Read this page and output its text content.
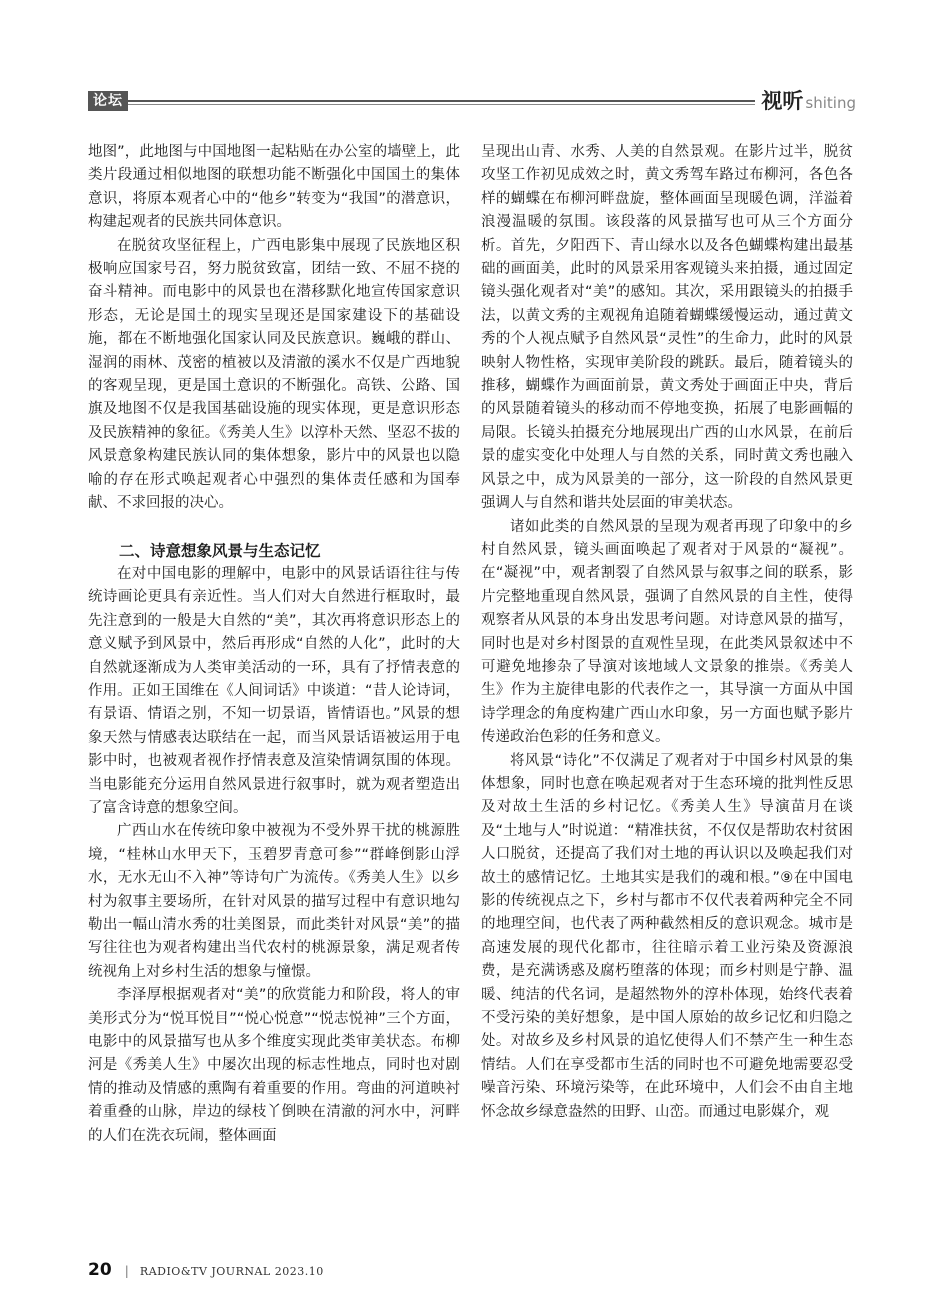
论坛	视听 shiting

地图”，此地图与中国地图一起粘贴在办公室的墙壁上，此类片段通过相似地图的联想功能不断强化中国国土的集体意识，将原本观者心中的“他乡”转变为“我国”的潜意识，构建起观者的民族共同体意识。

在脱贫攻坚征程上，广西电影集中展现了民族地区积极响应国家号召，努力脱贫致富，团结一致、不屈不挠的奋斗精神。而电影中的风景也在潜移默化地宣传国家意识形态，无论是国土的现实呈现还是国家建设下的基础设施，都在不断地强化国家认同及民族意识。巍峨的群山、湿润的雨林、茂密的植被以及清澈的溪水不仅是广西地貌的客观呈现，更是国土意识的不断强化。高铁、公路、国旗及地图不仅是我国基础设施的现实体现，更是意识形态及民族精神的象征。《秀美人生》以淳朴天然、坚忍不拔的风景意象构建民族认同的集体想象，影片中的风景也以隐喻的存在形式唤起观者心中强烈的集体责任感和为国奉献、不求回报的决心。

二、诗意想象风景与生态记忆

在对中国电影的理解中，电影中的风景话语往往与传统诗画论更具有亲近性。当人们对大自然进行框取时，最先注意到的一般是大自然的“美”，其次再将意识形态上的意义赋予到风景中，然后再形成“自然的人化”，此时的大自然就逐渐成为人类审美活动的一环，具有了抒情表意的作用。正如王国维在《人间词话》中谈道：“昔人论诗词，有景语、情语之别，不知一切景语，皆情语也。”风景的想象天然与情感表达联结在一起，而当风景话语被运用于电影中时，也被观者视作抒情表意及渲染情调氛围的体现。当电影能充分运用自然风景进行叙事时，就为观者塑造出了富含诗意的想象空间。

广西山水在传统印象中被视为不受外界干扰的桃源胜境，“桂林山水甲天下，玉碧罗青意可参”“群峰倒影山浮水，无水无山不入神”等诗句广为流传。《秀美人生》以乡村为叙事主要场所，在针对风景的描写过程中有意识地勾勒出一幅山清水秀的壮美图景，而此类针对风景“美”的描写往往也为观者构建出当代农村的桃源景象，满足观者传统视角上对乡村生活的想象与憧憬。

李泽厚根据观者对“美”的欣赏能力和阶段，将人的审美形式分为“悦耳悦目”“悦心悦意”“悦志悦神”三个方面，电影中的风景描写也从多个维度实现此类审美状态。布柳河是《秀美人生》中屡次出现的标志性地点，同时也对剧情的推动及情感的熏陶有着重要的作用。弯曲的河道映衬着重叠的山脉，岸边的绿枝丫倒映在清澈的河水中，河畔的人们在洗衣玩闹，整体画面

呈现出山青、水秀、人美的自然景观。在影片过半，脱贫攻坚工作初见成效之时，黄文秀驾车路过布柳河，各色各样的蝴蝶在布柳河畔盘旋，整体画面呈现暖色调，洋溢着浪漫温暖的氛围。该段落的风景描写也可从三个方面分析。首先，夕阳西下、青山绿水以及各色蝴蝶构建出最基础的画面美，此时的风景采用客观镜头来拍摄，通过固定镜头强化观者对“美”的感知。其次，采用跟镜头的拍摄手法，以黄文秀的主观视角追随着蝴蝶缓慢运动，通过黄文秀的个人视点赋予自然风景“灵性”的生命力，此时的风景映射人物性格，实现审美阶段的跳跃。最后，随着镜头的推移，蝴蝶作为画面前景，黄文秀处于画面正中央，背后的风景随着镜头的移动而不停地变换，拓展了电影画幅的局限。长镜头拍摄充分地展现出广西的山水风景，在前后景的虚实变化中处理人与自然的关系，同时黄文秀也融入风景之中，成为风景美的一部分，这一阶段的自然风景更强调人与自然和谐共处层面的审美状态。

诸如此类的自然风景的呈现为观者再现了印象中的乡村自然风景，镜头画面唤起了观者对于风景的“凝视”。在“凝视”中，观者割裂了自然风景与叙事之间的联系，影片完整地重现自然风景，强调了自然风景的自主性，使得观察者从风景的本身出发思考问题。对诗意风景的描写，同时也是对乡村图景的直观性呈现，在此类风景叙述中不可避免地掺杂了导演对该地域人文景象的推崇。《秀美人生》作为主旋律电影的代表作之一，其导演一方面从中国诗学理念的角度构建广西山水印象，另一方面也赋予影片传递政治色彩的任务和意义。

将风景“诗化”不仅满足了观者对于中国乡村风景的集体想象，同时也意在唤起观者对于生态环境的批判性反思及对故土生活的乡村记忆。《秀美人生》导演苗月在谈及“土地与人”时说道：“精准扶贫，不仅仅是帮助农村贫困人口脱贫，还提高了我们对土地的再认识以及唤起我们对故土的感情记忆。土地其实是我们的魂和根。”⑨在中国电影的传统视点之下，乡村与都市不仅代表着两种完全不同的地理空间，也代表了两种截然相反的意识观念。城市是高速发展的现代化都市，往往暗示着工业污染及资源浪费，是充满诱惑及腐朽堕落的体现；而乡村则是宁静、温暖、纯洁的代名词，是超然物外的淳朴体现，始终代表着不受污染的美好想象，是中国人原始的故乡记忆和归隐之处。对故乡及乡村风景的追忆使得人们不禁产生一种生态情结。人们在享受都市生活的同时也不可避免地需要忍受噪音污染、环境污染等，在此环境中，人们会不由自主地怀念故乡绿意盎然的田野、山峦。而通过电影媒介，观

20 | RADIO&TV JOURNAL 2023.10
